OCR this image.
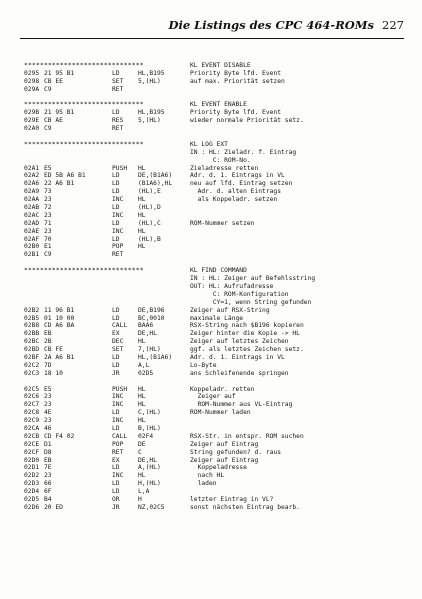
Die Listings des CPC 464-ROMs 227
******************************	KL EVENT DISABLE
0295 21 95 B1	LD	HL,B195	Priority Byte lfd. Event
0298 CB EE	SET 5,(HL)	auf max. Priorität setzen
029A C9	RET
******************************	KL EVENT ENABLE
029B 21 95 B1	LD	HL,B195	Priority Byte lfd. Event
029E CB AE	RES 5,(HL)	wieder normale Priorität setz.
02A0 C9	RET
******************************	KL LOG EXT
IN : HL: Zieladr. f. Eintrag
C: ROM-No.
02A1 E5	PUSH HL	Zieladresse retten
02A2 ED 5B A6 B1	LD	DE,(B1A6)	Adr. d. 1. Eintrags in VL
02A6 22 A6 B1	LD	(B1A6),HL	neu auf lfd. Eintrag setzen
02A9 73	LD	(HL),E	Adr. d. alten Eintrags
02AA 23	INC HL	als Koppeladr. setzen
02AB 72	LD	(HL),D
02AC 23	INC HL
02AD 71	LD	(HL),C	ROM-Nummer setzen
02AE 23	INC HL
02AF 70	LD	(HL),B
02B0 E1	POP HL
02B1 C9	RET
******************************	KL FIND COMMAND
IN : HL: Zeiger auf Befehlsstring
OUT: HL: Aufrufadresse
C: ROM-Konfiguration
CY=1, wenn String gefunden
02B2 11 96 B1	LD	DE,B196	Zeiger auf RSX-String
02B5 01 10 00	LD	BC,0010	maximale Länge
02B8 CD A6 BA	CALL BAA6	RSX-String nach $B196 kopieren
02BB EB	EX	DE,HL	Zeiger hinter die Kopie -> HL
02BC 2B	DEC HL	Zeiger auf letztes Zeichen
02BD CB FE	SET 7,(HL)	ggf. als letztes Zeichen setz.
02BF 2A A6 B1	LD	HL,(B1A6)	Adr. d. 1. Eintrags in VL
02C2 7D	LD	A,L	Lo-Byte
02C3 18 10	JR	02D5	ans Schleifenende springen
02C5 E5	PUSH HL	Koppeladr. retten
02C6 23	INC HL	Zeiger auf
02C7 23	INC HL	ROM-Nummer aus VL-Eintrag
02C8 4E	LD	C,(HL)	ROM-Nummer laden
02C9 23	INC HL
02CA 46	LD	B,(HL)
02CB CD F4 02	CALL 02F4	RSX-Str. in entspr. ROM suchen
02CE D1	POP DE	Zeiger auf Eintrag
02CF D8	RET C	String gefunden? d. raus
02D0 EB	EX	DE,HL	Zeiger auf Eintrag
02D1 7E	LD	A,(HL)	Koppeladresse
02D2 23	INC HL	nach HL
02D3 66	LD	H,(HL)	laden
02D4 6F	LD	L,A
02D5 B4	OR	H	letzter Eintrag in VL?
02D6 20 ED	JR	NZ,02C5	sonst nächsten Eintrag bearb.
